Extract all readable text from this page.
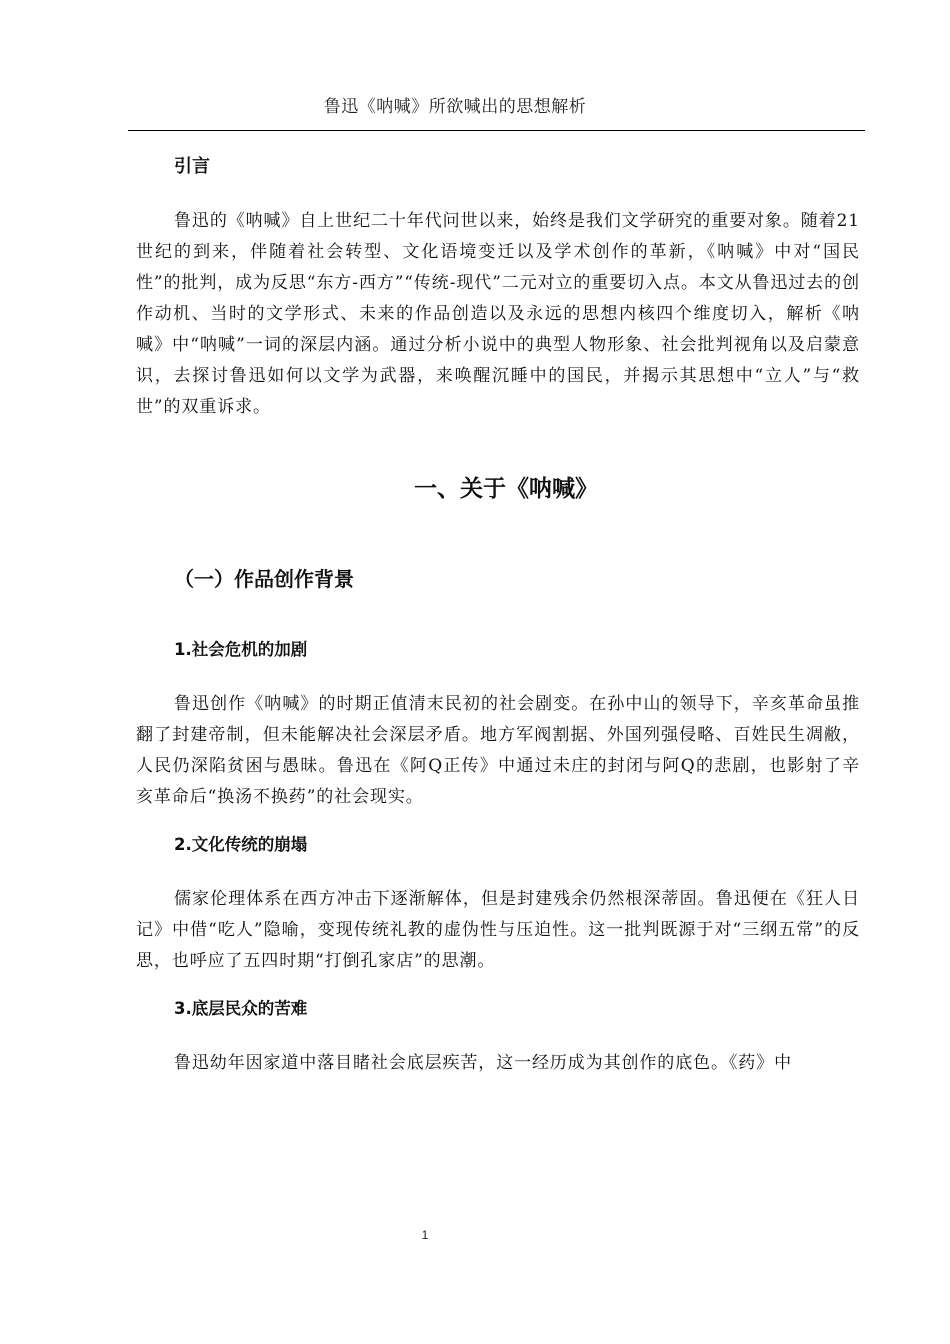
鲁迅《呐喊》所欲喊出的思想解析
引言

鲁迅的《呐喊》自上世纪二十年代问世以来，始终是我们文学研究的重要对象。随着21世纪的到来，伴随着社会转型、文化语境变迁以及学术创作的革新，《呐喊》中对“国民性”的批判，成为反思“东方-西方”“传统-现代”二元对立的重要切入点。本文从鲁迅过去的创作动机、当时的文学形式、未来的作品创造以及永远的思想内核四个维度切入，解析《呐喊》中“呐喊”一词的深层内涵。通过分析小说中的典型人物形象、社会批判视角以及启蒙意识，去探讨鲁迅如何以文学为武器，来唤醒沉睡中的国民，并揭示其思想中“立人”与“救世”的双重诉求。

一、关于《呐喊》
（一）作品创作背景
1.社会危机的加剧

鲁迅创作《呐喊》的时期正值清末民初的社会剧变。在孙中山的领导下，辛亥革命虽推翻了封建帝制，但未能解决社会深层矛盾。地方军阀割据、外国列强侵略、百姓民生凋敝，人民仍深陷贫困与愚昧。鲁迅在《阿Q正传》中通过未庄的封闭与阿Q的悲剧，也影射了辛亥革命后“换汤不换药”的社会现实。

2.文化传统的崩塌

儒家伦理体系在西方冲击下逐渐解体，但是封建残余仍然根深蒂固。鲁迅便在《狂人日记》中借“吃人”隐喻，变现传统礼教的虚伪性与压迫性。这一批判既源于对“三纲五常”的反思，也呼应了五四时期“打倒孔家店”的思潮。

3.底层民众的苦难

鲁迅幼年因家道中落目睹社会底层疾苦，这一经历成为其创作的底色。《药》中

1
